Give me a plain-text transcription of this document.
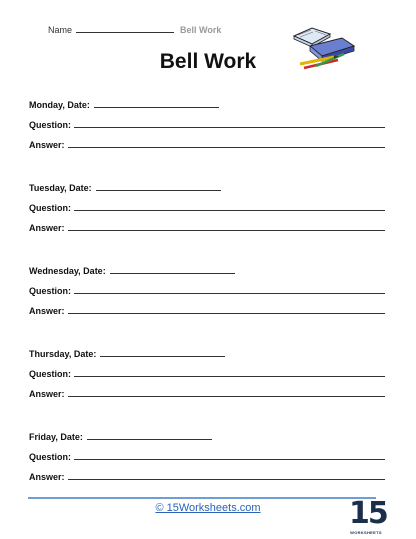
Name	Bell Work
Bell Work
Monday, Date:
Question:
Answer:
Tuesday, Date:
Question:
Answer:
Wednesday, Date:
Question:
Answer:
Thursday, Date:
Question:
Answer:
Friday, Date:
Question:
Answer:
© 15Worksheets.com	15
WORKSHEETS
